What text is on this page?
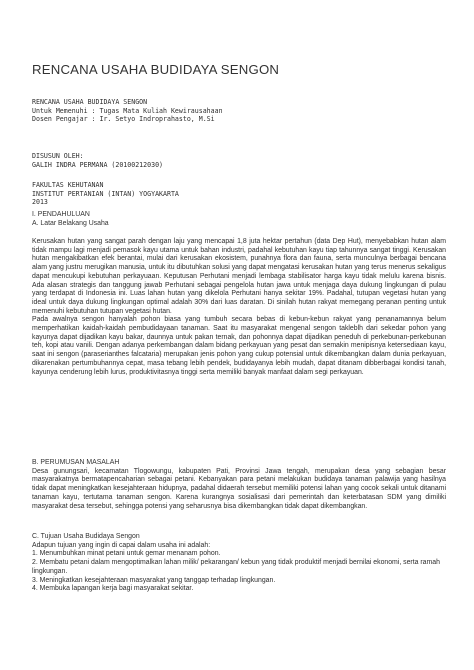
RENCANA USAHA BUDIDAYA SENGON
RENCANA USAHA BUDIDAYA SENGON
Untuk Memenuhi : Tugas Mata Kuliah Kewirausahaan
Dosen Pengajar : Ir. Setyo Indroprahasto, M.Si
DISUSUN OLEH:
GALIH INDRA PERMANA (20100212030)
FAKULTAS KEHUTANAN
INSTITUT PERTANIAN (INTAN) YOGYAKARTA
2013
I. PENDAHULUAN
A. Latar Belakang Usaha

Kerusakan hutan yang sangat parah dengan laju yang mencapai 1,8 juta hektar pertahun (data Dep Hut), menyebabkan hutan alam tidak mampu lagi menjadi pemasok kayu utama untuk bahan industri, padahal kebutuhan kayu tiap tahunnya sangat tinggi. Kerusakan hutan mengakibatkan efek berantai, mulai dari kerusakan ekosistem, punahnya flora dan fauna, serta munculnya berbagai bencana alam yang justru merugikan manusia, untuk itu dibutuhkan solusi yang dapat mengatasi kerusakan hutan yang terus menerus sekaligus dapat mencukupi kebutuhan perkayuaan. Keputusan Perhutani menjadi lembaga stabilisator harga kayu tidak melulu karena bisnis. Ada alasan strategis dan tanggung jawab Perhutani sebagai pengelola hutan jawa untuk menjaga daya dukung lingkungan di pulau yang terdapat di Indonesia ini. Luas lahan hutan yang dikelola Perhutani hanya sekitar 19%. Padahal, tutupan vegetasi hutan yang ideal untuk daya dukung lingkungan optimal adalah 30% dari luas daratan. Di sinilah hutan rakyat memegang peranan penting untuk memenuhi kebutuhan tutupan vegetasi hutan.

Pada awalnya sengon hanyalah pohon biasa yang tumbuh secara bebas di kebun-kebun rakyat yang penanamannya belum memperhatikan kaidah-kaidah pembudidayaan tanaman. Saat itu masyarakat mengenal sengon takleblh dari sekedar pohon yang kayunya dapat dijadikan kayu bakar, daunnya untuk pakan ternak, dan pohonnya dapat dijadikan peneduh di perkebunan-perkebunan teh, kopi atau vanili. Dengan adanya perkembangan dalam bidang perkayuan yang pesat dan semakin menipisnya ketersediaan kayu, saat ini sengon (paraserianthes falcataria) merupakan jenis pohon yang cukup potensial untuk dikembangkan dalam dunia perkayuan, dikarenakan pertumbuhannya cepat, masa tebang lebih pendek, budidayanya lebih mudah, dapat ditanam dibberbagai kondisi tanah, kayunya cenderung lebih lurus, produktivitasnya tinggi serta memiliki banyak manfaat dalam segi perkayuan.

B. PERUMUSAN MASALAH

Desa gunungsari, kecamatan Tlogowungu, kabupaten Pati, Provinsi Jawa tengah, merupakan desa yang sebagian besar masyarakatnya bermatapencaharian sebagai petani. Kebanyakan para petani melakukan budidaya tanaman palawija yang hasilnya tidak dapat meningkatkan kesejahteraan hidupnya, padahal didaerah tersebut memiliki potensi lahan yang cocok sekali untuk ditanami tanaman kayu, tertutama tanaman sengon. Karena kurangnya sosialisasi dari pemerintah dan keterbatasan SDM yang dimiliki masyarakat desa tersebut, sehingga potensi yang seharusnya bisa dikembangkan tidak dapat dikembangkan.

C. Tujuan Usaha Budidaya Sengon
Adapun tujuan yang ingin di capai dalam usaha ini adalah:
1. Menumbuhkan minat petani untuk gemar menanam pohon.
2. Membatu petani dalam mengoptimalkan lahan milik/ pekarangan/ kebun yang tidak produktif menjadi bernilai ekonomi, serta ramah lingkungan.
3. Meningkatkan kesejahteraan masyarakat yang tanggap terhadap lingkungan.
4. Membuka lapangan kerja bagi masyarakat sekitar.
